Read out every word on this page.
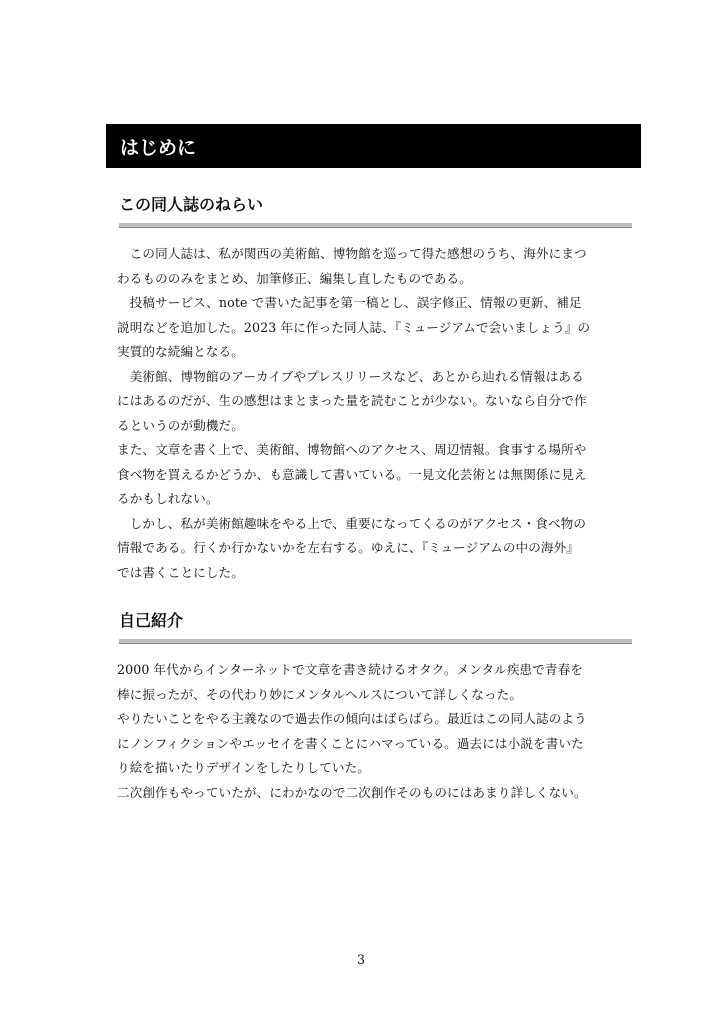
はじめに
この同人誌のねらい

　この同人誌は、私が関西の美術館、博物館を巡って得た感想のうち、海外にまつ

わるもののみをまとめ、加筆修正、編集し直したものである。

　投稿サービス、note で書いた記事を第一稿とし、誤字修正、情報の更新、補足

説明などを追加した。2023 年に作った同人誌、『ミュージアムで会いましょう』の

実質的な続編となる。

　美術館、博物館のアーカイブやプレスリリースなど、あとから辿れる情報はある

にはあるのだが、生の感想はまとまった量を読むことが少ない。ないなら自分で作

るというのが動機だ。

また、文章を書く上で、美術館、博物館へのアクセス、周辺情報。食事する場所や

食べ物を買えるかどうか、も意識して書いている。一見文化芸術とは無関係に見え

るかもしれない。

　しかし、私が美術館趣味をやる上で、重要になってくるのがアクセス・食べ物の

情報である。行くか行かないかを左右する。ゆえに、『ミュージアムの中の海外』

では書くことにした。

自己紹介

2000 年代からインターネットで文章を書き続けるオタク。メンタル疾患で青春を

棒に振ったが、その代わり妙にメンタルヘルスについて詳しくなった。

やりたいことをやる主義なので過去作の傾向はばらばら。最近はこの同人誌のよう

にノンフィクションやエッセイを書くことにハマっている。過去には小説を書いた

り絵を描いたりデザインをしたりしていた。

二次創作もやっていたが、にわかなので二次創作そのものにはあまり詳しくない。

3
